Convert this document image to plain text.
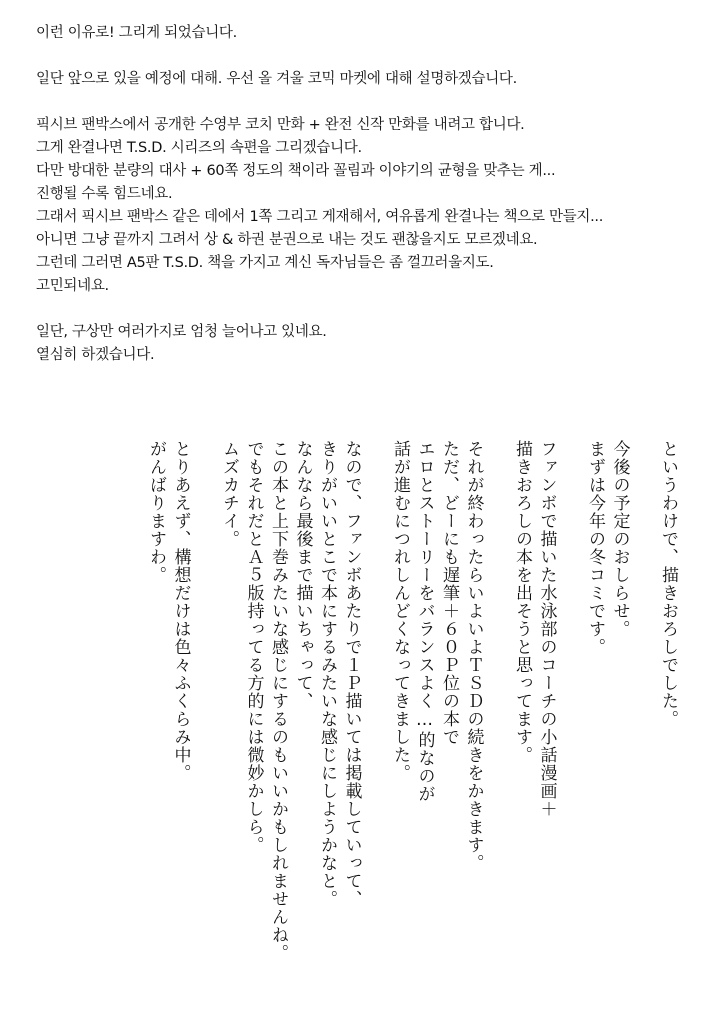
이런 이유로! 그리게 되었습니다.
일단 앞으로 있을 예정에 대해. 우선 올 겨울 코믹 마켓에 대해 설명하겠습니다.
픽시브 팬박스에서 공개한 수영부 코치 만화 + 완전 신작 만화를 내려고 합니다.
그게 완결나면 T.S.D. 시리즈의 속편을 그리겠습니다.
다만 방대한 분량의 대사 + 60쪽 정도의 책이라 꼴림과 이야기의 균형을 맞추는 게...
진행될 수록 힘드네요.
그래서 픽시브 팬박스 같은 데에서 1쪽 그리고 게재해서, 여유롭게 완결나는 책으로 만들지...
아니면 그냥 끝까지 그려서 상 & 하권 분권으로 내는 것도 괜찮을지도 모르겠네요.
그런데 그러면 A5판 T.S.D. 책을 가지고 계신 독자님들은 좀 껄끄러울지도.
고민되네요.
일단, 구상만 여러가지로 엄청 늘어나고 있네요.
열심히 하겠습니다.
というわけで、描きおろしでした。
今後の予定のおしらせ。
まずは今年の冬コミです。
ファンボで描いた水泳部のコーチの小話漫画＋
描きおろしの本を出そうと思ってます。
それが終わったらいよいよＴＳＤの続きをかきます。
ただ、どーにも遅筆＋６０Ｐ位の本で
エロとストーリーをバランスよく…的なのが
話が進むにつれしんどくなってきました。
なので、ファンボあたりで１Ｐ描いては掲載していって、
きりがいいとこで本にするみたいな感じにしようかなと。
なんなら最後まで描いちゃって、
この本と上下巻みたいな感じにするのもいいかもしれませんね。
でもそれだとＡ５版持ってる方的には微妙かしら。
ムズカチイ。
とりあえず、構想だけは色々ふくらみ中。
がんばりますわ。
